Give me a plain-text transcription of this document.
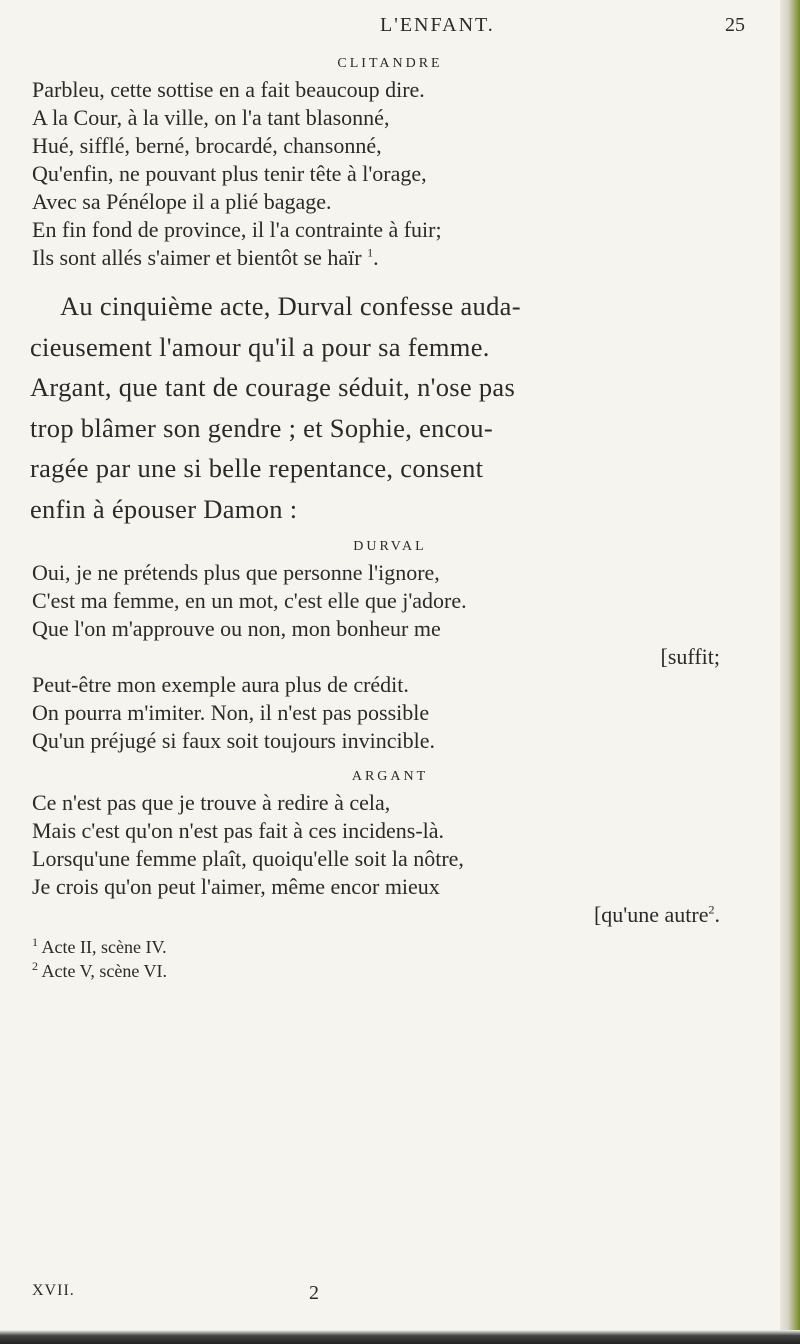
L'ENFANT.	25
CLITANDRE

Parbleu, cette sottise en a fait beaucoup dire.

A la Cour, à la ville, on l'a tant blasonné,

Hué, sifflé, berné, brocardé, chansonné,

Qu'enfin, ne pouvant plus tenir tête à l'orage,

Avec sa Pénélope il a plié bagage.

En fin fond de province, il l'a contrainte à fuir;

Ils sont allés s'aimer et bientôt se haïr $^1$.

Au cinquième acte, Durval confesse auda-
cieusement l'amour qu'il a pour sa femme.
Argant, que tant de courage séduit, n'ose pas
trop blâmer son gendre ; et Sophie, encou-
ragée par une si belle repentance, consent
enfin à épouser Damon :
DURVAL

Oui, je ne prétends plus que personne l'ignore,

C'est ma femme, en un mot, c'est elle que j'adore.

Que l'on m'approuve ou non, mon bonheur me

[suffit;

Peut-être mon exemple aura plus de crédit.

On pourra m'imiter. Non, il n'est pas possible

Qu'un préjugé si faux soit toujours invincible.

ARGANT

Ce n'est pas que je trouve à redire à cela,

Mais c'est qu'on n'est pas fait à ces incidens-là.

Lorsqu'une femme plaît, quoiqu'elle soit la nôtre,

Je crois qu'on peut l'aimer, même encor mieux

[qu'une autre$^2$.

$^1$ Acte II, scène IV.
$^2$ Acte V, scène VI.
XVII.	2
